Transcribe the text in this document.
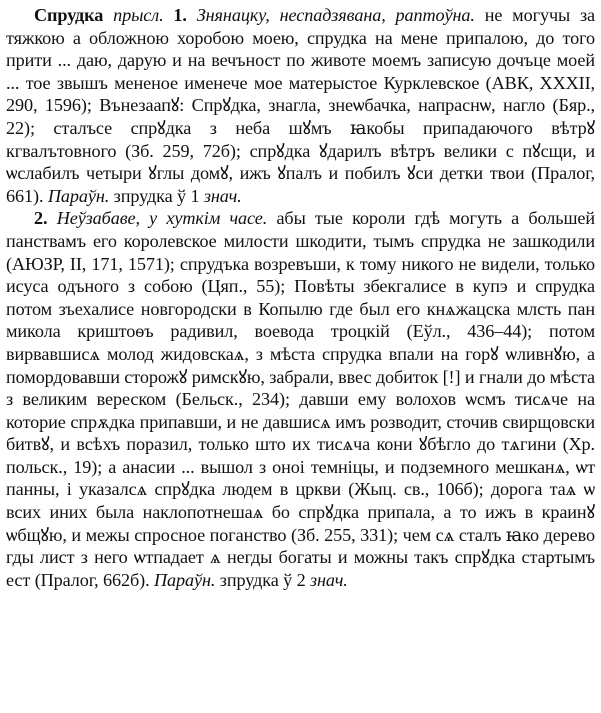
Спрудка прысл. 1. Знянацку, неспадзявана, раптоўна. не могучы за тяжкою а обложною хоробою моею, спрудка на мене припалою, до того прити ... даю, дарую и на вечъност по животе моемъ записую дочъце моей ... тое звышъ мененое именече мое матерыстое Курклевское (АВК, XXXII, 290, 1596); Вънезаапꙋ: Спрꙋдка, знагла, знеѡбачка, напраснѡ, нагло (Бяр., 22); сталъсе спрꙋдка з неба шꙋмъ ꙗкобы припадаючого вѣтрꙋ кгвалътовного (Зб. 259, 72б); спрꙋдка ꙋдарилъ вѣтръ велики с пꙋсщи, и ѡслабилъ четыри ꙋглы домꙋ, ижъ ꙋпалъ и побилъ ꙋси детки твои (Пралог, 661). Параўн. зпрудка ў 1 знач.

2. Неўзабаве, у хуткім часе. абы тые короли гдѣ могуть а большей панствамъ его королевское милости шкодити, тымъ спрудка не зашкодили (АЮЗР, II, 171, 1571); спрудъка возревъши, к тому никого не видели, только исуса одъного з собою (Цяп., 55); Повѣты збекгалисе в купэ и спрудка потом зъехалисе новгородски в Копылю где был его кнѧжацска млсть пан микола криштоѳъ радивил, воевода троцкій (Еўл., 436–44); потом вирвавшисѧ молод жидовскаѧ, з мѣста спрудка впали на горꙋ ѡливнꙋю, а помордовавши сторожꙋ римскꙋю, забрали, ввес добиток [!] и гнали до мѣста з великим вереском (Бельск., 234); давши ему волохов ѡсмъ тисѧче на которие спрѫдка припавши, и не давшисѧ имъ розводит, сточив свирщовски битвꙋ, и всѣхъ поразил, только што их тисѧча кони ꙋбѣгло до тѧгини (Хр. польск., 19); а анасии ... вышол з оноі темніцы, и подземного мешканѧ, ѡт панны, і указалсѧ спрꙋдка людем в цркви (Жыц. св., 106б); дорога таѧ ѡ всих иних была наклопотнешаѧ бо спрꙋдка припала, а то ижъ в краинꙋ ѡбщꙋю, и межы спросное поганство (Зб. 255, 331); чем сѧ сталъ ꙗко дерево гды лист з него ѡтпадает ѧ негды богаты и можны такъ спрꙋдка стартымъ ест (Пралог, 662б). Параўн. зпрудка ў 2 знач.
